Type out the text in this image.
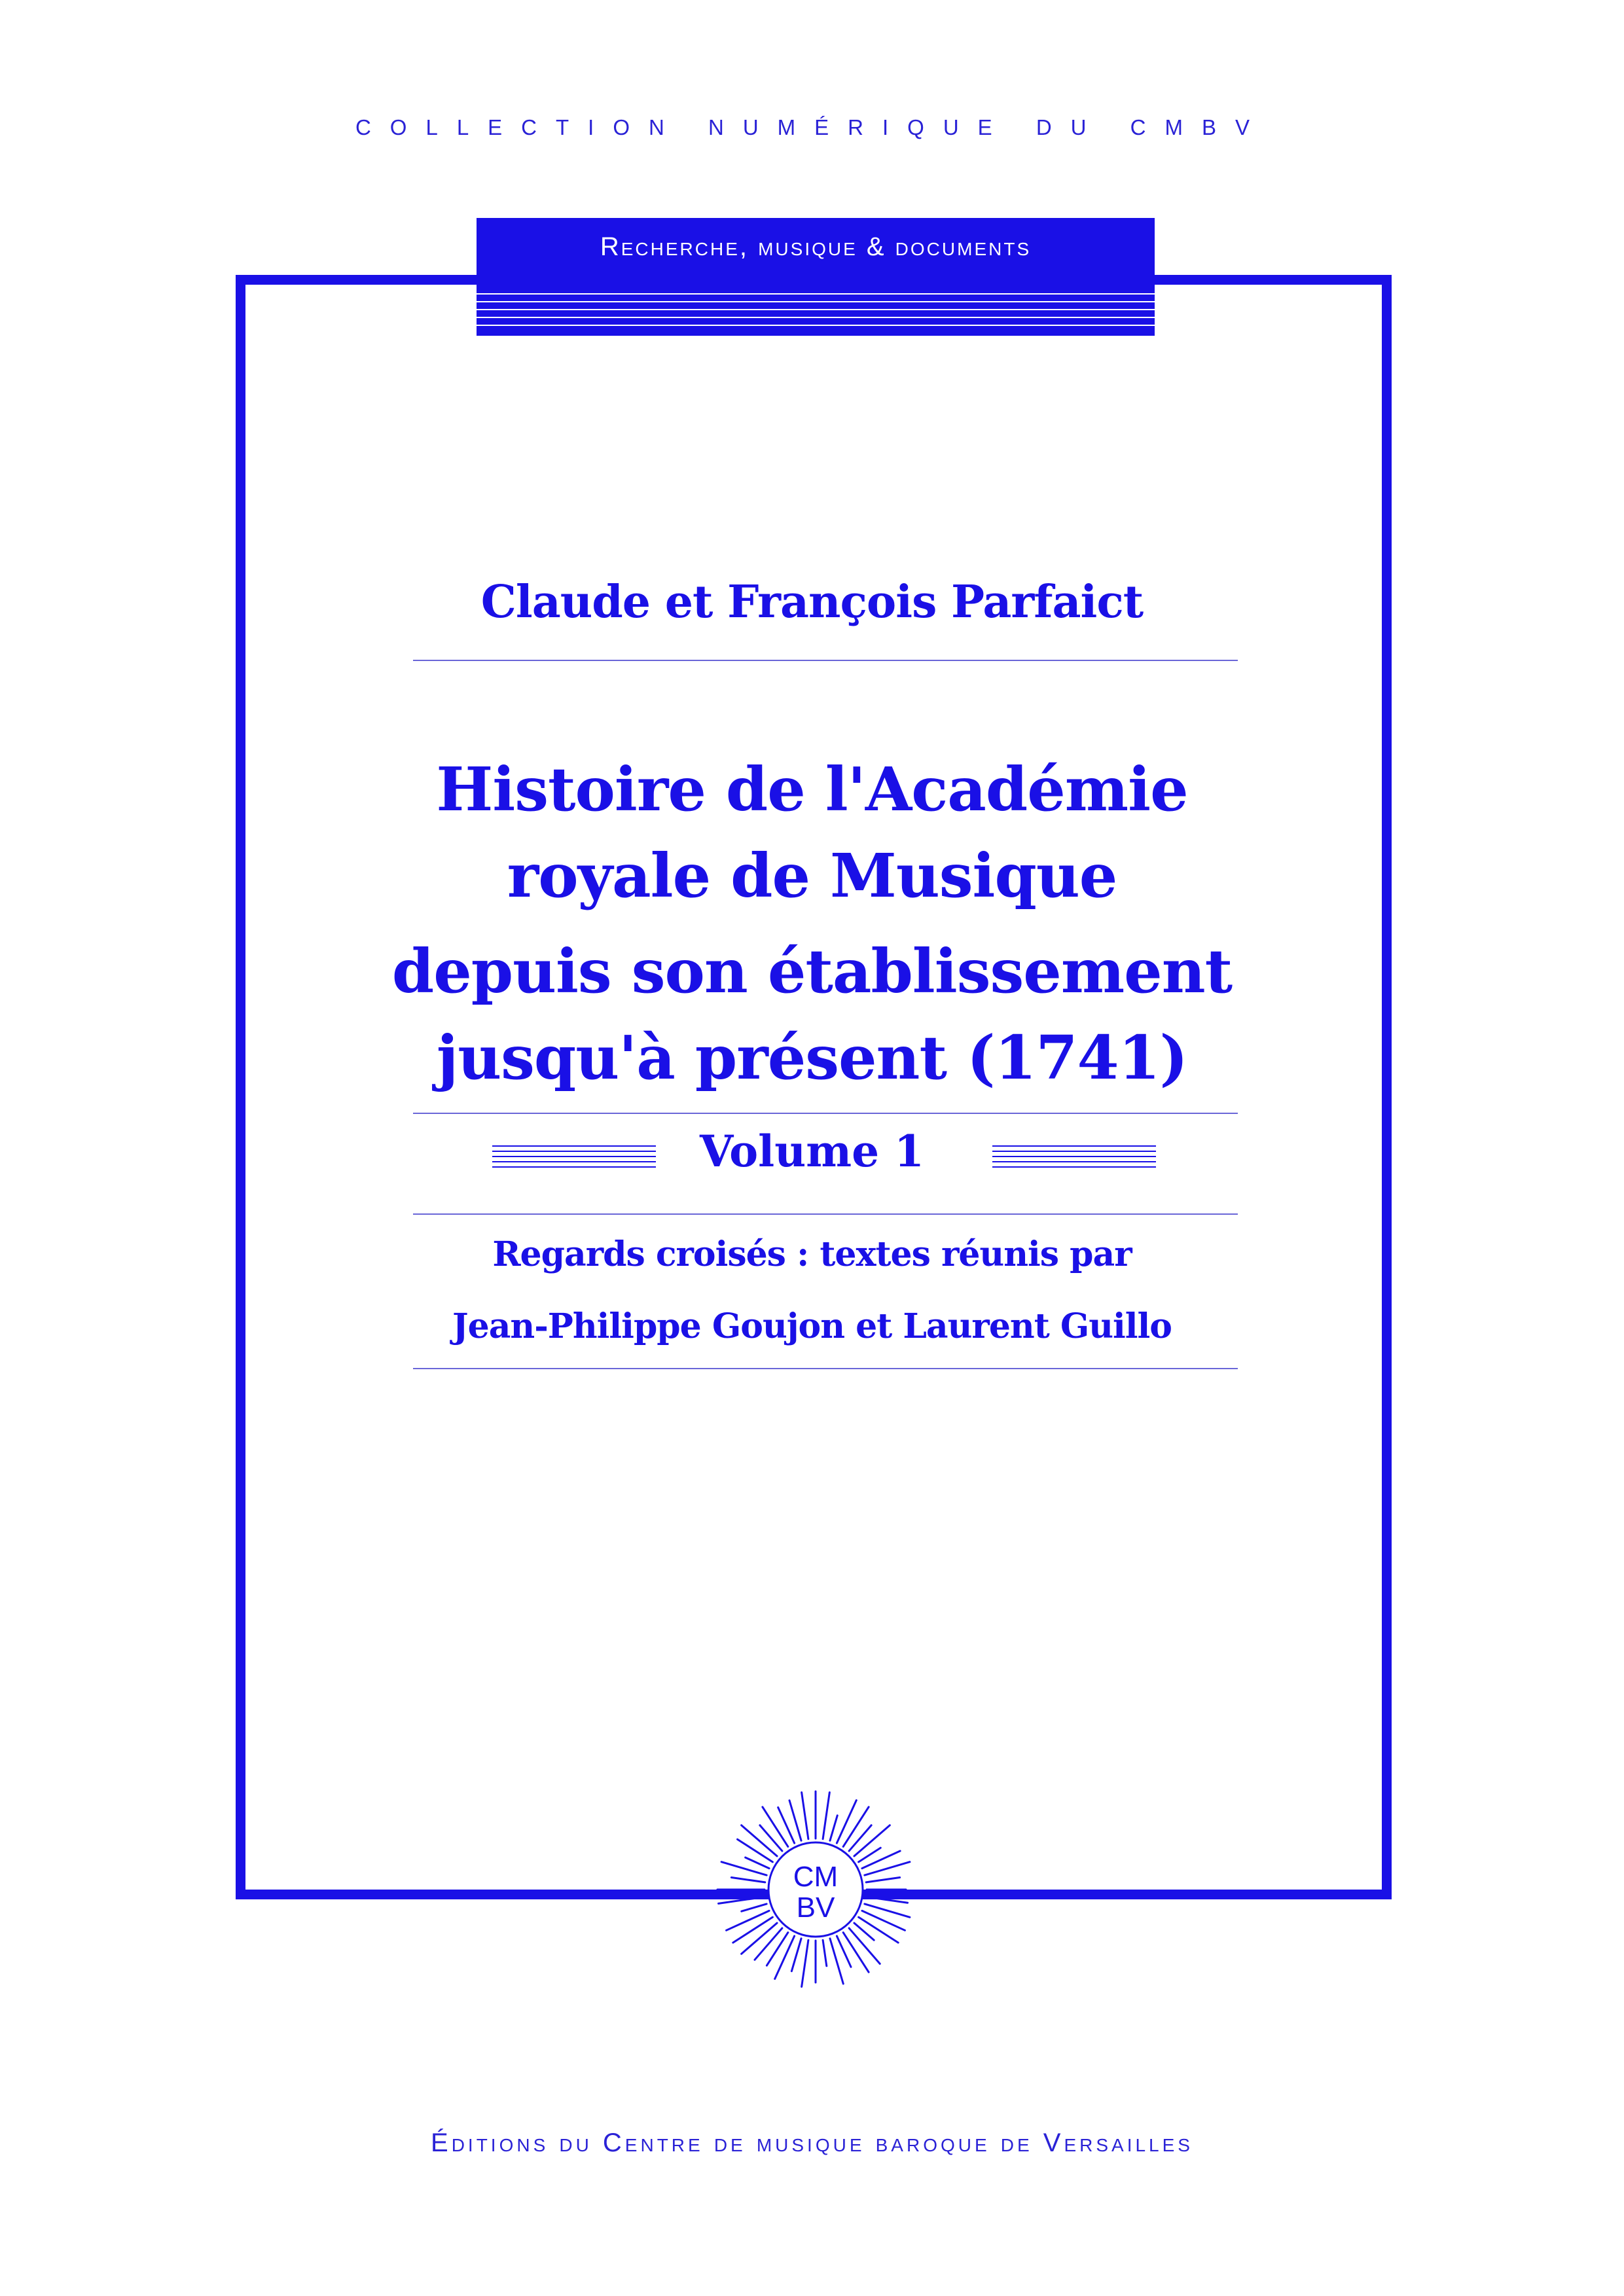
COLLECTION NUMÉRIQUE DU CMBV
Recherche, musique & documents
Claude et François Parfaict
Histoire de l'Académie
royale de Musique
depuis son établissement
jusqu'à présent (1741)
Volume 1
Regards croisés : textes réunis par
Jean-Philippe Goujon et Laurent Guillo
CM
BV
Éditions du Centre de musique baroque de Versailles
